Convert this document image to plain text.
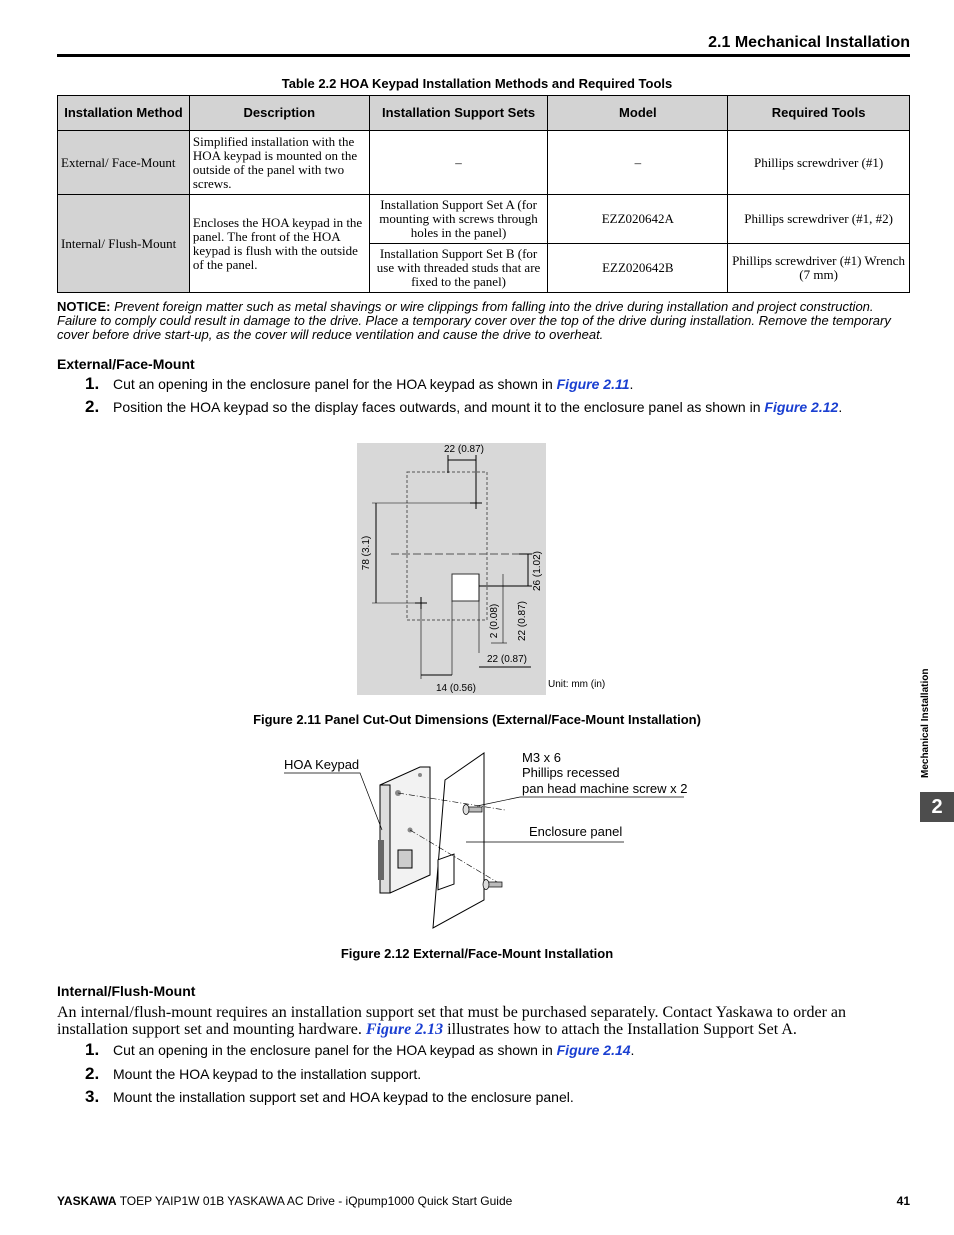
2.1 Mechanical Installation
Table 2.2 HOA Keypad Installation Methods and Required Tools
Installation Method	Description	Installation Support Sets	Model	Required Tools
External/ Face-Mount	Simplified installation with the HOA keypad is mounted on the outside of the panel with two screws.	–	–	Phillips screwdriver (#1)
Internal/ Flush-Mount	Encloses the HOA keypad in the panel. The front of the HOA keypad is flush with the outside of the panel.	Installation Support Set A (for mounting with screws through holes in the panel)	EZZ020642A	Phillips screwdriver (#1, #2)
		Installation Support Set B (for use with threaded studs that are fixed to the panel)	EZZ020642B	Phillips screwdriver (#1) Wrench (7 mm)
NOTICE: Prevent foreign matter such as metal shavings or wire clippings from falling into the drive during installation and project construction. Failure to comply could result in damage to the drive. Place a temporary cover over the top of the drive during installation. Remove the temporary cover before drive start-up, as the cover will reduce ventilation and cause the drive to overheat.
External/Face-Mount
1. Cut an opening in the enclosure panel for the HOA keypad as shown in Figure 2.11.
2. Position the HOA keypad so the display faces outwards, and mount it to the enclosure panel as shown in Figure 2.12.
22 (0.87)
78 (3.1)	26 (1.02)
2 (0.08) 22 (0.87)
22 (0.87)
14 (0.56)	Unit: mm (in)
Figure 2.11 Panel Cut-Out Dimensions (External/Face-Mount Installation)
HOA Keypad	M3 x 6
Phillips recessed
pan head machine screw x 2
Enclosure panel
Figure 2.12 External/Face-Mount Installation
Internal/Flush-Mount
An internal/flush-mount requires an installation support set that must be purchased separately. Contact Yaskawa to order an installation support set and mounting hardware. Figure 2.13 illustrates how to attach the Installation Support Set A.
1. Cut an opening in the enclosure panel for the HOA keypad as shown in Figure 2.14.
2. Mount the HOA keypad to the installation support.
3. Mount the installation support set and HOA keypad to the enclosure panel.
Mechanical Installation
2
YASKAWA TOEP YAIP1W 01B YASKAWA AC Drive - iQpump1000 Quick Start Guide	41
